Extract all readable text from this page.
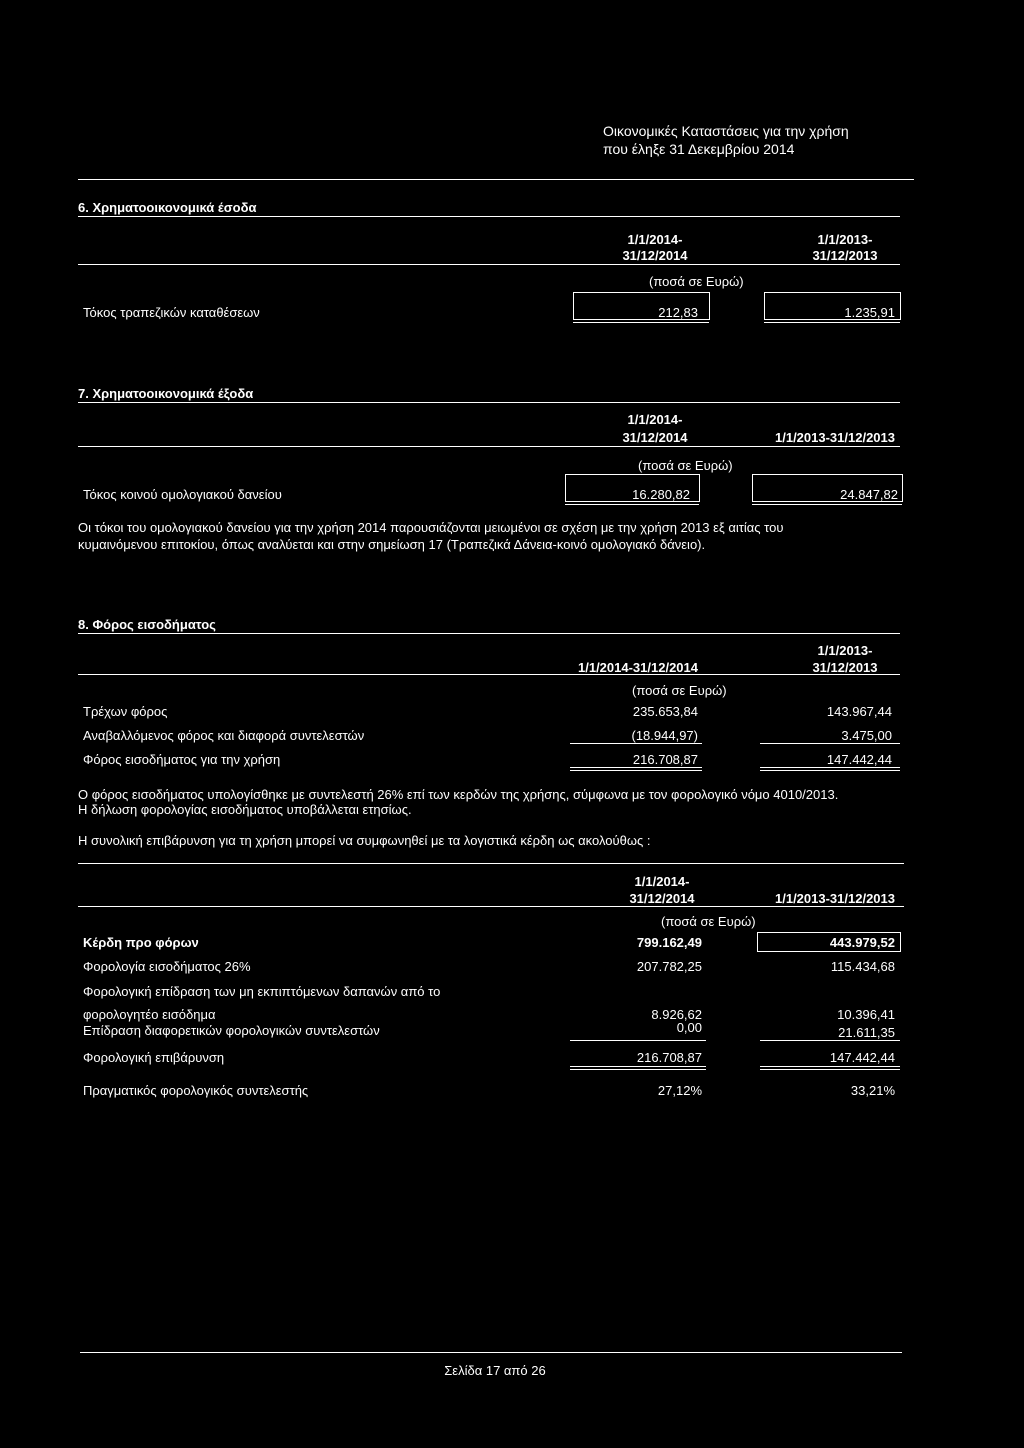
Οικονομικές Καταστάσεις για την χρήση
που έληξε 31 Δεκεμβρίου 2014
6. Χρηματοοικονομικά έσοδα
1/1/2014-
31/12/2014
1/1/2013-
31/12/2013
(ποσά σε Ευρώ)
Τόκος τραπεζικών καταθέσεων	212,83	1.235,91
7. Χρηματοοικονομικά έξοδα
1/1/2014-
31/12/2014	1/1/2013-31/12/2013
(ποσά σε Ευρώ)
Τόκος κοινού ομολογιακού δανείου	16.280,82	24.847,82
Οι τόκοι του ομολογιακού δανείου για την χρήση 2014 παρουσιάζονται μειωμένοι σε σχέση με την χρήση 2013 εξ αιτίας του
κυμαινόμενου επιτοκίου, όπως αναλύεται και στην σημείωση 17 (Τραπεζικά Δάνεια-κοινό ομολογιακό δάνειο).
8. Φόρος εισοδήματος
1/1/2013-
31/12/2013
1/1/2014-31/12/2014
(ποσά σε Ευρώ)
Τρέχων φόρος	235.653,84	143.967,44
Αναβαλλόμενος φόρος και διαφορά συντελεστών	(18.944,97)	3.475,00
Φόρος εισοδήματος για την χρήση	216.708,87	147.442,44
Ο φόρος εισοδήματος υπολογίσθηκε με συντελεστή 26% επί των κερδών της χρήσης, σύμφωνα με τον φορολογικό νόμο 4010/2013.
Η δήλωση φορολογίας εισοδήματος υποβάλλεται ετησίως.
Η συνολική επιβάρυνση για τη χρήση μπορεί να συμφωνηθεί με τα λογιστικά κέρδη ως ακολούθως :
1/1/2014-
31/12/2014	1/1/2013-31/12/2013
(ποσά σε Ευρώ)
Κέρδη προ φόρων	799.162,49	443.979,52
Φορολογία εισοδήματος 26%	207.782,25	115.434,68
Φορολογική επίδραση των μη εκπιπτόμενων δαπανών από το
φορολογητέο εισόδημα	8.926,62	10.396,41
Επίδραση διαφορετικών φορολογικών συντελεστών	0,00	21.611,35
Φορολογική επιβάρυνση	216.708,87	147.442,44
Πραγματικός φορολογικός συντελεστής	27,12%	33,21%
Σελίδα 17 από 26
